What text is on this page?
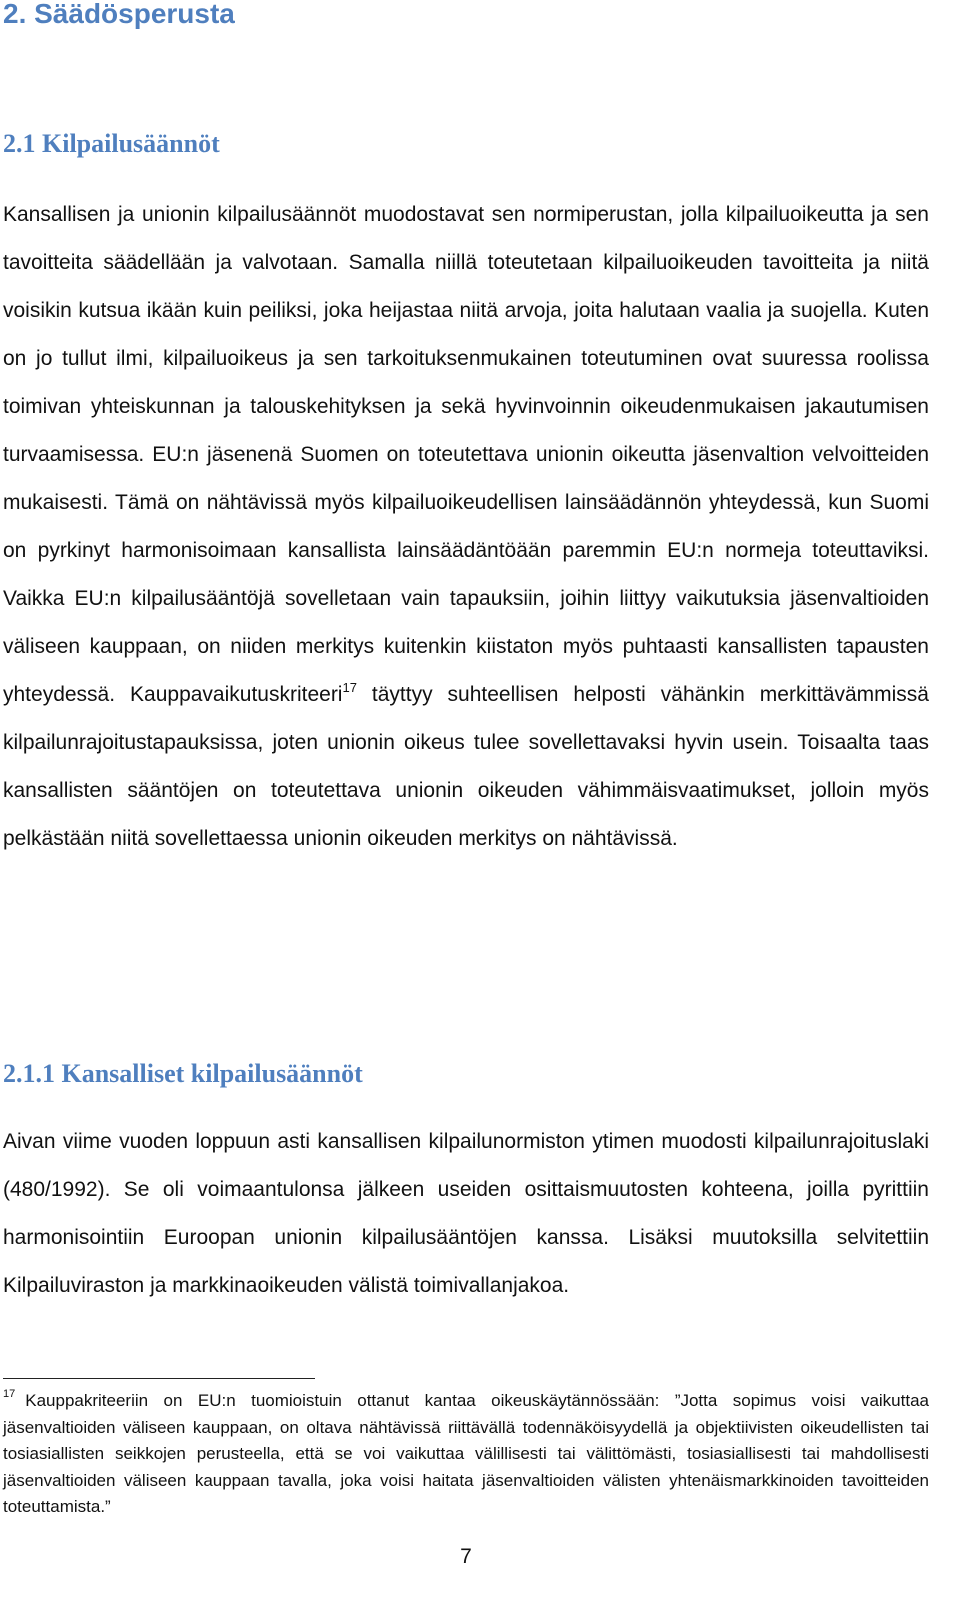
2. Säädösperusta
2.1 Kilpailusäännöt

Kansallisen ja unionin kilpailusäännöt muodostavat sen normiperustan, jolla kilpailuoikeutta ja sen tavoitteita säädellään ja valvotaan. Samalla niillä toteutetaan kilpailuoikeuden tavoitteita ja niitä voisikin kutsua ikään kuin peiliksi, joka heijastaa niitä arvoja, joita halutaan vaalia ja suojella. Kuten on jo tullut ilmi, kilpailuoikeus ja sen tarkoituksenmukainen toteutuminen ovat suuressa roolissa toimivan yhteiskunnan ja talouskehityksen ja sekä hyvinvoinnin oikeudenmukaisen jakautumisen turvaamisessa. EU:n jäsenenä Suomen on toteutettava unionin oikeutta jäsenvaltion velvoitteiden mukaisesti. Tämä on nähtävissä myös kilpailuoikeudellisen lainsäädännön yhteydessä, kun Suomi on pyrkinyt harmonisoimaan kansallista lainsäädäntöään paremmin EU:n normeja toteuttaviksi. Vaikka EU:n kilpailusääntöjä sovelletaan vain tapauksiin, joihin liittyy vaikutuksia jäsenvaltioiden väliseen kauppaan, on niiden merkitys kuitenkin kiistaton myös puhtaasti kansallisten tapausten yhteydessä. Kauppavaikutuskriteeri$^{17}$ täyttyy suhteellisen helposti vähänkin merkittävämmissä kilpailunrajoitustapauksissa, joten unionin oikeus tulee sovellettavaksi hyvin usein. Toisaalta taas kansallisten sääntöjen on toteutettava unionin oikeuden vähimmäisvaatimukset, jolloin myös pelkästään niitä sovellettaessa unionin oikeuden merkitys on nähtävissä.

2.1.1 Kansalliset kilpailusäännöt

Aivan viime vuoden loppuun asti kansallisen kilpailunormiston ytimen muodosti kilpailunrajoituslaki (480/1992). Se oli voimaantulonsa jälkeen useiden osittaismuutosten kohteena, joilla pyrittiin harmonisointiin Euroopan unionin kilpailusääntöjen kanssa. Lisäksi muutoksilla selvitettiin Kilpailuviraston ja markkinaoikeuden välistä toimivallanjakoa.

$^{17}$ Kauppakriteeriin on EU:n tuomioistuin ottanut kantaa oikeuskäytännössään: ”Jotta sopimus voisi vaikuttaa jäsenvaltioiden väliseen kauppaan, on oltava nähtävissä riittävällä todennäköisyydellä ja objektiivisten oikeudellisten tai tosiasiallisten seikkojen perusteella, että se voi vaikuttaa välillisesti tai välittömästi, tosiasiallisesti tai mahdollisesti jäsenvaltioiden väliseen kauppaan tavalla, joka voisi haitata jäsenvaltioiden välisten yhtenäismarkkinoiden tavoitteiden toteuttamista.”

7
